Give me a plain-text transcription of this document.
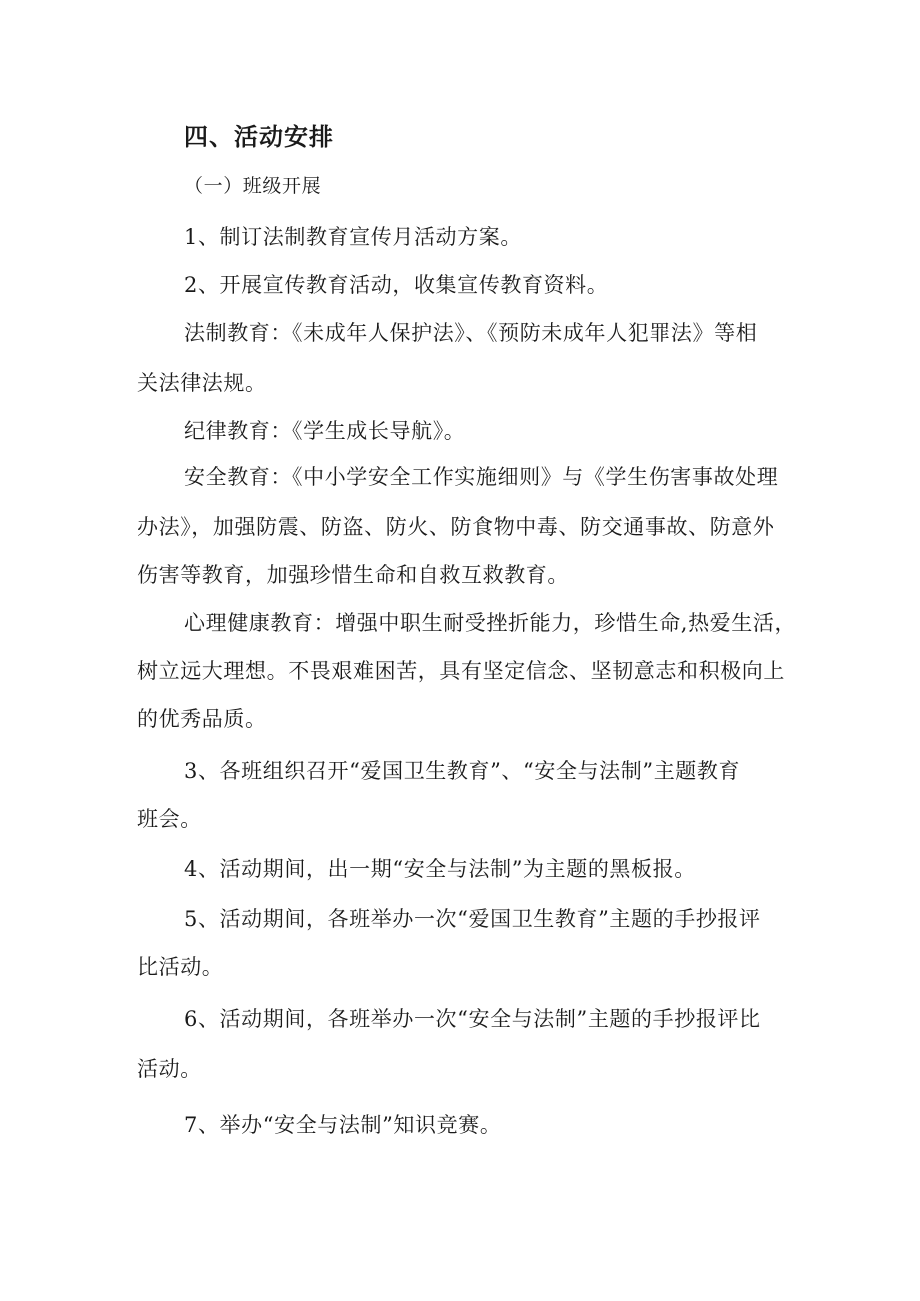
四、活动安排
（一）班级开展
1、制订法制教育宣传月活动方案。
2、开展宣传教育活动，收集宣传教育资料。
法制教育：《未成年人保护法》、《预防未成年人犯罪法》等相
关法律法规。
纪律教育：《学生成长导航》。
安全教育：《中小学安全工作实施细则》与《学生伤害事故处理
办法》，加强防震、防盗、防火、防食物中毒、防交通事故、防意外
伤害等教育，加强珍惜生命和自救互救教育。
心理健康教育：增强中职生耐受挫折能力，珍惜生命,热爱生活，
树立远大理想。不畏艰难困苦，具有坚定信念、坚韧意志和积极向上
的优秀品质。
3、各班组织召开“爱国卫生教育”、“安全与法制”主题教育
班会。
4、活动期间，出一期“安全与法制”为主题的黑板报。
5、活动期间，各班举办一次“爱国卫生教育”主题的手抄报评
比活动。
6、活动期间，各班举办一次“安全与法制”主题的手抄报评比
活动。
7、举办“安全与法制”知识竞赛。
